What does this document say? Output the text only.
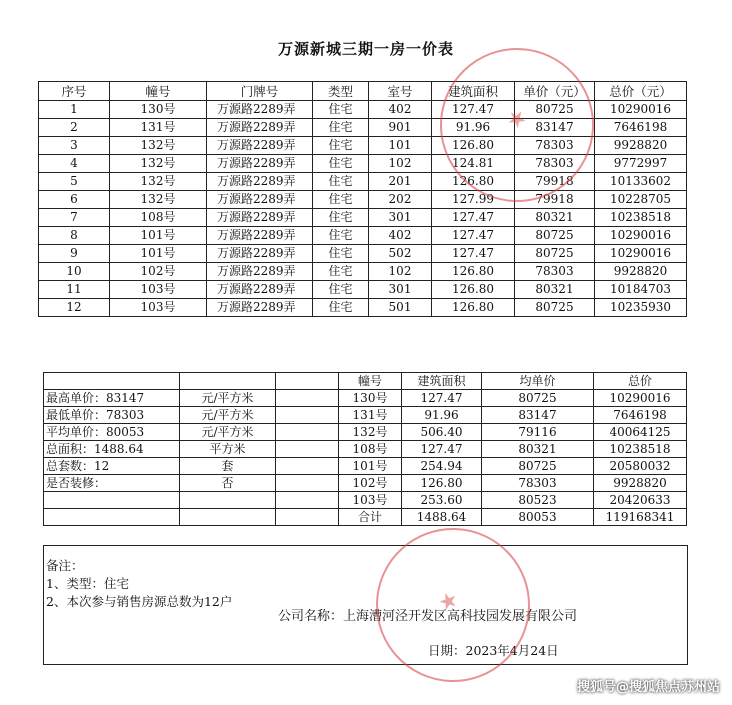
万源新城三期一房一价表
序号	幢号	门牌号	类型	室号	建筑面积	单价（元）	总价（元）
1	130号	万源路2289弄	住宅	402	127.47	80725	10290016
2	131号	万源路2289弄	住宅	901	91.96	83147	7646198
3	132号	万源路2289弄	住宅	101	126.80	78303	9928820
4	132号	万源路2289弄	住宅	102	124.81	78303	9772997
5	132号	万源路2289弄	住宅	201	126.80	79918	10133602
6	132号	万源路2289弄	住宅	202	127.99	79918	10228705
7	108号	万源路2289弄	住宅	301	127.47	80321	10238518
8	101号	万源路2289弄	住宅	402	127.47	80725	10290016
9	101号	万源路2289弄	住宅	502	127.47	80725	10290016
10	102号	万源路2289弄	住宅	102	126.80	78303	9928820
11	103号	万源路2289弄	住宅	301	126.80	80321	10184703
12	103号	万源路2289弄	住宅	501	126.80	80725	10235930
			幢号	建筑面积	均单价	总价
最高单价：83147	元/平方米		130号	127.47	80725	10290016
最低单价：78303	元/平方米		131号	91.96	83147	7646198
平均单价：80053	元/平方米		132号	506.40	79116	40064125
总面积：1488.64	平方米		108号	127.47	80321	10238518
总套数：12	套		101号	254.94	80725	20580032
是否装修：	否		102号	126.80	78303	9928820
			103号	253.60	80523	20420633
			合计	1488.64	80053	119168341
备注：
1、类型：住宅
2、本次参与销售房源总数为12户
公司名称：上海漕河泾开发区高科技园发展有限公司
日期：2023年4月24日
★
★
搜狐号@搜狐焦点苏州站
